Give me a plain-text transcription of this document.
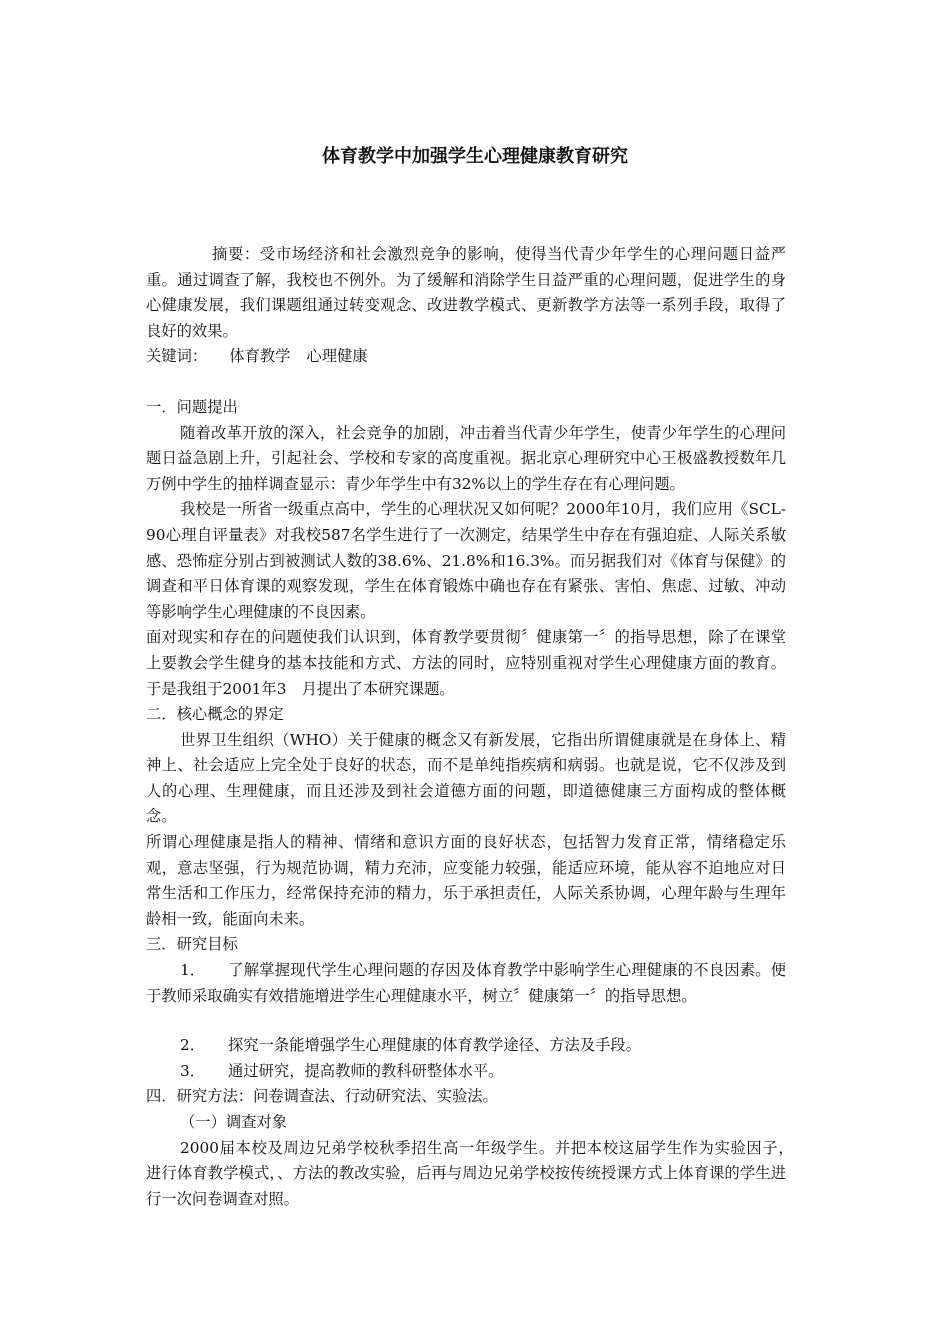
体育教学中加强学生心理健康教育研究

摘要：受市场经济和社会激烈竞争的影响，使得当代青少年学生的心理问题日益严重。通过调查了解，我校也不例外。为了缓解和消除学生日益严重的心理问题，促进学生的身心健康发展，我们课题组通过转变观念、改进教学模式、更新教学方法等一系列手段，取得了良好的效果。

关键词： 体育教学 心理健康

一．问题提出

随着改革开放的深入，社会竞争的加剧，冲击着当代青少年学生，使青少年学生的心理问题日益急剧上升，引起社会、学校和专家的高度重视。据北京心理研究中心王极盛教授数年几万例中学生的抽样调查显示：青少年学生中有32%以上的学生存在有心理问题。

我校是一所省一级重点高中，学生的心理状况又如何呢？2000年10月，我们应用《SCL-90心理自评量表》对我校587名学生进行了一次测定，结果学生中存在有强迫症、人际关系敏感、恐怖症分别占到被测试人数的38.6%、21.8%和16.3%。而另据我们对《体育与保健》的调查和平日体育课的观察发现，学生在体育锻炼中确也存在有紧张、害怕、焦虑、过敏、冲动等影响学生心理健康的不良因素。

面对现实和存在的问题使我们认识到，体育教学要贯彻〞健康第一〞的指导思想，除了在课堂上要教会学生健身的基本技能和方式、方法的同时，应特别重视对学生心理健康方面的教育。于是我组于2001年3　月提出了本研究课题。

二．核心概念的界定

世界卫生组织（WHO）关于健康的概念又有新发展，它指出所谓健康就是在身体上、精神上、社会适应上完全处于良好的状态，而不是单纯指疾病和病弱。也就是说，它不仅涉及到人的心理、生理健康，而且还涉及到社会道德方面的问题，即道德健康三方面构成的整体概念。

所谓心理健康是指人的精神、情绪和意识方面的良好状态，包括智力发育正常，情绪稳定乐观，意志坚强，行为规范协调，精力充沛，应变能力较强，能适应环境，能从容不迫地应对日常生活和工作压力，经常保持充沛的精力，乐于承担责任，人际关系协调，心理年龄与生理年龄相一致，能面向未来。

三．研究目标

1． 了解掌握现代学生心理问题的存因及体育教学中影响学生心理健康的不良因素。便于教师采取确实有效措施增进学生心理健康水平，树立〞健康第一〞的指导思想。

2． 探究一条能增强学生心理健康的体育教学途径、方法及手段。

3． 通过研究，提高教师的教科研整体水平。

四．研究方法：问卷调查法、行动研究法、实验法。

（一）调查对象

2000届本校及周边兄弟学校秋季招生高一年级学生。并把本校这届学生作为实验因子，　进行体育教学模式，、方法的教改实验，后再与周边兄弟学校按传统授课方式上体育课的学生进行一次问卷调查对照。
